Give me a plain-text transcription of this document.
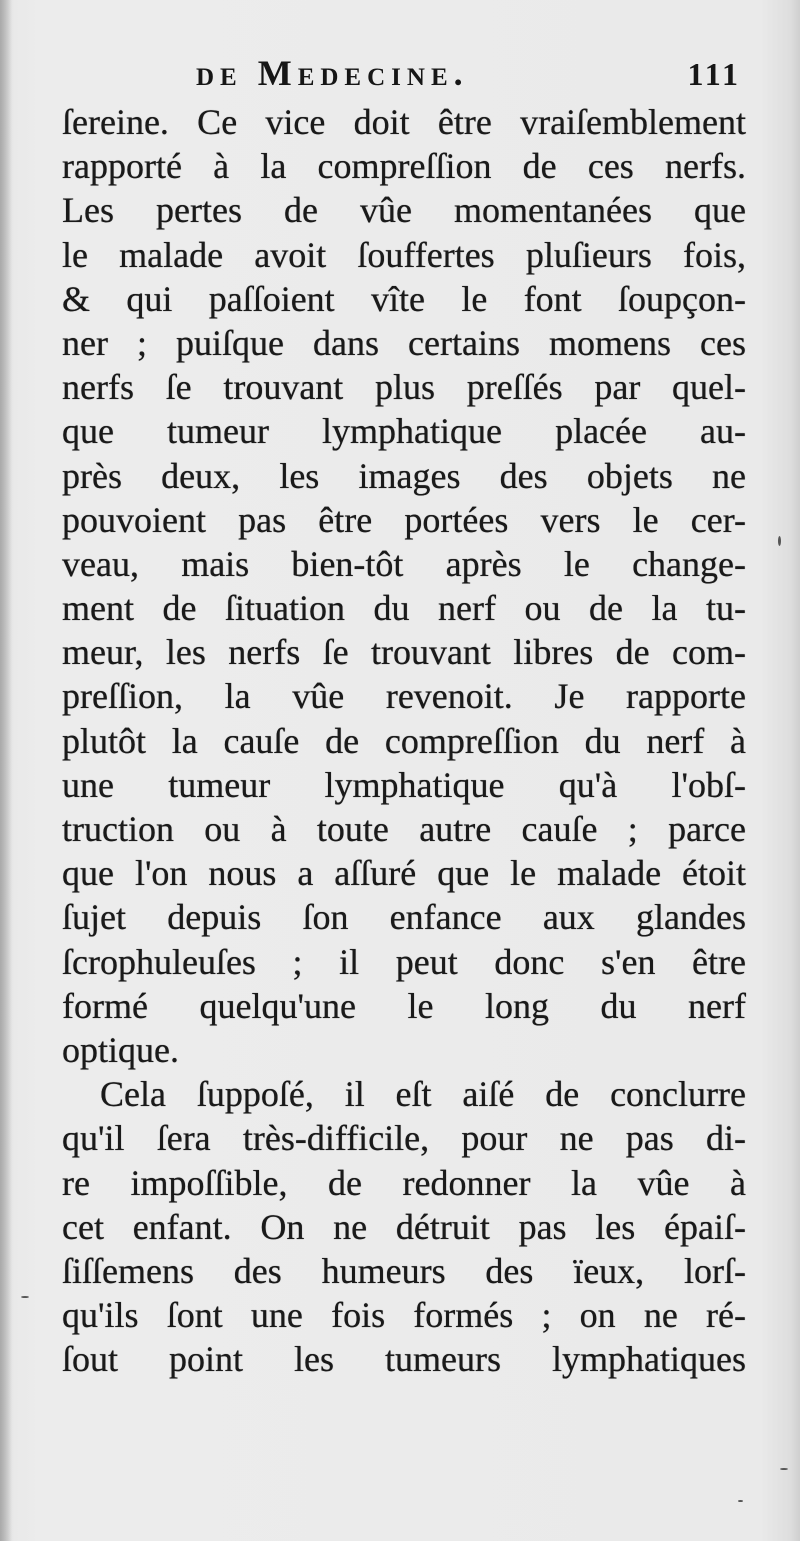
de Medecine.	111
ſereine. Ce vice doit être vraiſemblement
rapporté à la compreſſion de ces nerfs.
Les pertes de vûe momentanées que
le malade avoit ſouffertes pluſieurs fois,
& qui paſſoient vîte le font ſoupçon-
ner ; puiſque dans certains momens ces
nerfs ſe trouvant plus preſſés par quel-
que tumeur lymphatique placée au-
près deux, les images des objets ne
pouvoient pas être portées vers le cer-
veau, mais bien-tôt après le change-
ment de ſituation du nerf ou de la tu-
meur, les nerfs ſe trouvant libres de com-
preſſion, la vûe revenoit. Je rapporte
plutôt la cauſe de compreſſion du nerf à
une tumeur lymphatique qu'à l'obſ-
truction ou à toute autre cauſe ; parce
que l'on nous a aſſuré que le malade étoit
ſujet depuis ſon enfance aux glandes
ſcrophuleuſes ; il peut donc s'en être
formé quelqu'une le long du nerf
optique.
Cela ſuppoſé, il eſt aiſé de conclurre
qu'il ſera très-difficile, pour ne pas di-
re impoſſible, de redonner la vûe à
cet enfant. On ne détruit pas les épaiſ-
ſiſſemens des humeurs des ïeux, lorſ-
qu'ils ſont une fois formés ; on ne ré-
ſout point les tumeurs lymphatiques
